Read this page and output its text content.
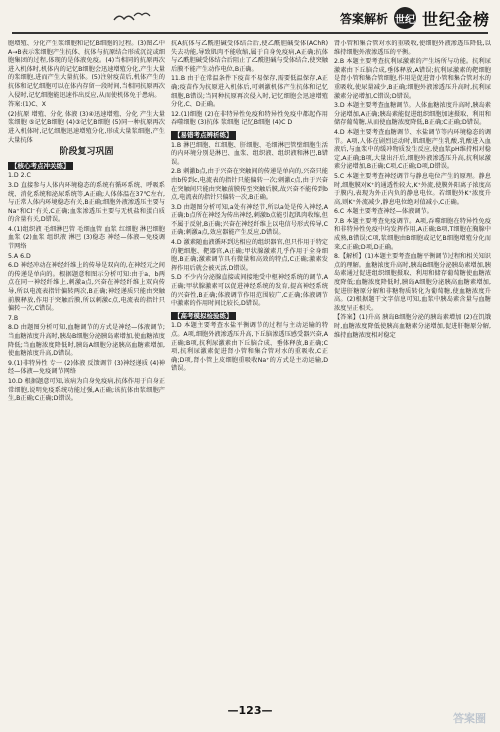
答案解析 世纪 世纪金榜

胞增殖、分化产生浆细胞和记忆B细胞的过程。(3)图乙中A→B表示浆细胞产生抗体、抗体与抗原结合形成沉淀或细胞集团的过程,体现的是体液免疫。(4)当相同的抗原再次进入机体时,机体内的记忆B细胞会迅速增殖分化,产生大量的浆细胞,进而产生大量抗体。(5)注射疫苗后,机体产生的抗体和记忆细胞可以在体内存留一段时间,当相同抗原再次入侵时,记忆细胞能迅速作出反应,从而使机体免于患病。

答案:(1)C、X

(2)抗原 增殖、分化 体液 (3)④迅速增殖、分化 产生大量浆细胞 ⑤记忆B细胞 (4)③记忆B细胞 (5)同一种抗原再次进入机体时,记忆细胞迅速增殖分化,形成大量浆细胞,产生大量抗体

阶段复习巩固
【核心考点冲关练】

1.D 2.C

3.D 直接参与人体内环境稳态的系统有循环系统、呼吸系统、消化系统和泌尿系统等,A正确;人体体温在37℃左右,与正常人体内环境稳态有关,B正确;细胞外液渗透压主要与Na⁺和Cl⁻有关,C正确;血浆渗透压主要与无机盐和蛋白质的含量有关,D错误。

4.(1)组织液 毛细淋巴管 毛细血管 血浆 红细胞 淋巴细胞 血浆 (2)血浆 组织液 淋巴 (3)稳态 神经—体液—免疫调节网络

5.A 6.D

6.D 神经冲动在神经纤维上的传导是双向的,在神经元之间的传递是单向的。根据题意和图示分析可知:由于a、b两点在同一神经纤维上,刺激a点,兴奋在神经纤维上双向传导,所以电流表指针偏转两次,B正确;神经递质只能由突触前膜释放,作用于突触后膜,所以刺激c点,电流表的指针只偏转一次,C错误。

7.B

8.D 由题图分析可知,血糖调节的方式是神经—体液调节;当血糖浓度升高时,胰岛B细胞分泌胰岛素增加,使血糖浓度降低;当血糖浓度降低时,胰岛A细胞分泌胰高血糖素增加,使血糖浓度升高,D错误。

9.(1)非特异性 专一 (2)体液 反馈调节 (3)神经递质 (4)神经—体液—免疫调节网络

10.D 根据题意可知,该病为自身免疫病,抗体作用于自身正常细胞,说明免疫系统功能过强,A正确;该抗体由浆细胞产生,B正确;C正确;D错误。

抗A抗体与乙酰胆碱受体结合后,使乙酰胆碱受体(AChR)失去功能,导致肌肉不能收缩,属于自身免疫病,A正确;抗体与乙酰胆碱受体结合后阻止了乙酰胆碱与受体结合,使突触后膜不能产生动作电位,B正确。

11.B 由于在常温条件下疫苗不易保存,需要低温保存,A正确;疫苗作为抗原进入机体后,可刺激机体产生抗体和记忆细胞,B错误;当同种抗原再次侵入时,记忆细胞会迅速增殖分化,C、D正确。

12.(1)细胞 (2)在非特异性免疫和特异性免疫中都起作用 吞噬细胞 (3)抗体 浆细胞 记忆B细胞 (4)C D

【易错考点辨析练】

1.B 淋巴细胞、红细胞、肝细胞、毛细淋巴管壁细胞生活的内环境分别是淋巴、血浆、组织液、组织液和淋巴,B错误。

2.B 刺激b点,由于兴奋在突触间的传递是单向的,兴奋只能由b传到c,电流表的指针只能偏转一次;刺激c点,由于兴奋在突触间只能由突触前膜传至突触后膜,故兴奋不能传到b点,电流表的指针只偏转一次,B正确。

3.D 由题图分析可知,a处有神经节,所以a处是传入神经,A正确;b点所在神经为传出神经,刺激b点能引起肌肉收缩,但不属于反射,B正确;兴奋在神经纤维上以电信号形式传导,C正确;刺激a点,效应器能产生反应,D错误。

4.D 激素随血液循环到达相应的组织器官,但只作用于特定的靶细胞、靶器官,A正确;甲状腺激素几乎作用于全身细胞,B正确;激素调节具有微量和高效的特点,C正确;激素发挥作用后就会被灭活,D错误。

5.D 不少内分泌腺直接或间接地受中枢神经系统的调节,A正确;甲状腺激素可以促进神经系统的发育,提高神经系统的兴奋性,B正确;体液调节作用范围较广,C正确;体液调节中激素的作用时间比较长,D错误。

【高考模拟检验练】

1.D 本题主要考查水盐平衡调节的过程与主动运输的特点。A项,细胞外液渗透压升高,下丘脑渗透压感受器兴奋,A正确;B项,抗利尿激素由下丘脑合成、垂体释放,B正确;C项,抗利尿激素促进肾小管和集合管对水的重吸收,C正确;D项,肾小管上皮细胞重吸收Na⁺的方式是主动运输,D错误。

肾小管和集合管对水的重吸收,使细胞外液渗透压降低,以维持细胞外液渗透压的平衡。

2.B 本题主要考查抗利尿激素的产生场所与功能。抗利尿激素由下丘脑合成,垂体释放,A错误;抗利尿激素的靶细胞是肾小管和集合管细胞,作用是促进肾小管和集合管对水的重吸收,使尿量减少,B正确;细胞外液渗透压升高时,抗利尿激素分泌增加,C错误;D错误。

3.D 本题主要考查血糖调节。人体血糖浓度升高时,胰岛素分泌增加,A正确;胰岛素能促进组织细胞加速摄取、利用和储存葡萄糖,从而使血糖浓度降低,B正确;C正确;D错误。

4.D 本题主要考查血糖调节、水盐调节等内环境稳态的调节。A项,人体在剧烈运动时,肌细胞产生乳酸,乳酸进入血液后,与血浆中的缓冲物质发生反应,使血浆pH维持相对稳定,A正确;B项,大量出汗后,细胞外液渗透压升高,抗利尿激素分泌增加,B正确;C项,C正确;D项,D错误。

5.C 本题主要考查神经调节与静息电位产生的原理。静息时,细胞膜对K⁺的通透性较大,K⁺外流,使膜外阳离子浓度高于膜内,表现为外正内负的静息电位。若细胞外K⁺浓度升高,则K⁺外流减少,静息电位绝对值减小,C正确。

6.C 本题主要考查神经—体液调节。

7.B 本题主要考查免疫调节。A项,吞噬细胞在特异性免疫和非特异性免疫中均发挥作用,A正确;B项,T细胞在胸腺中成熟,B错误;C项,浆细胞由B细胞或记忆B细胞增殖分化而来,C正确;D项,D正确。

8.【解析】(1)本题主要考查血糖平衡调节过程和相关知识点的理解。血糖浓度升高时,胰岛B细胞分泌胰岛素增加,胰岛素通过促进组织细胞摄取、利用和储存葡萄糖使血糖浓度降低;血糖浓度降低时,胰岛A细胞分泌胰高血糖素增加,促进肝糖原分解和非糖物质转化为葡萄糖,使血糖浓度升高。(2)根据题干文字信息可知,血浆中胰岛素含量与血糖浓度呈正相关。

【答案】(1)升高 胰岛B细胞分泌的胰岛素增加 (2)在饥饿时,血糖浓度降低使胰高血糖素分泌增加,促进肝糖原分解,维持血糖浓度相对稳定

—123—
答案圈
